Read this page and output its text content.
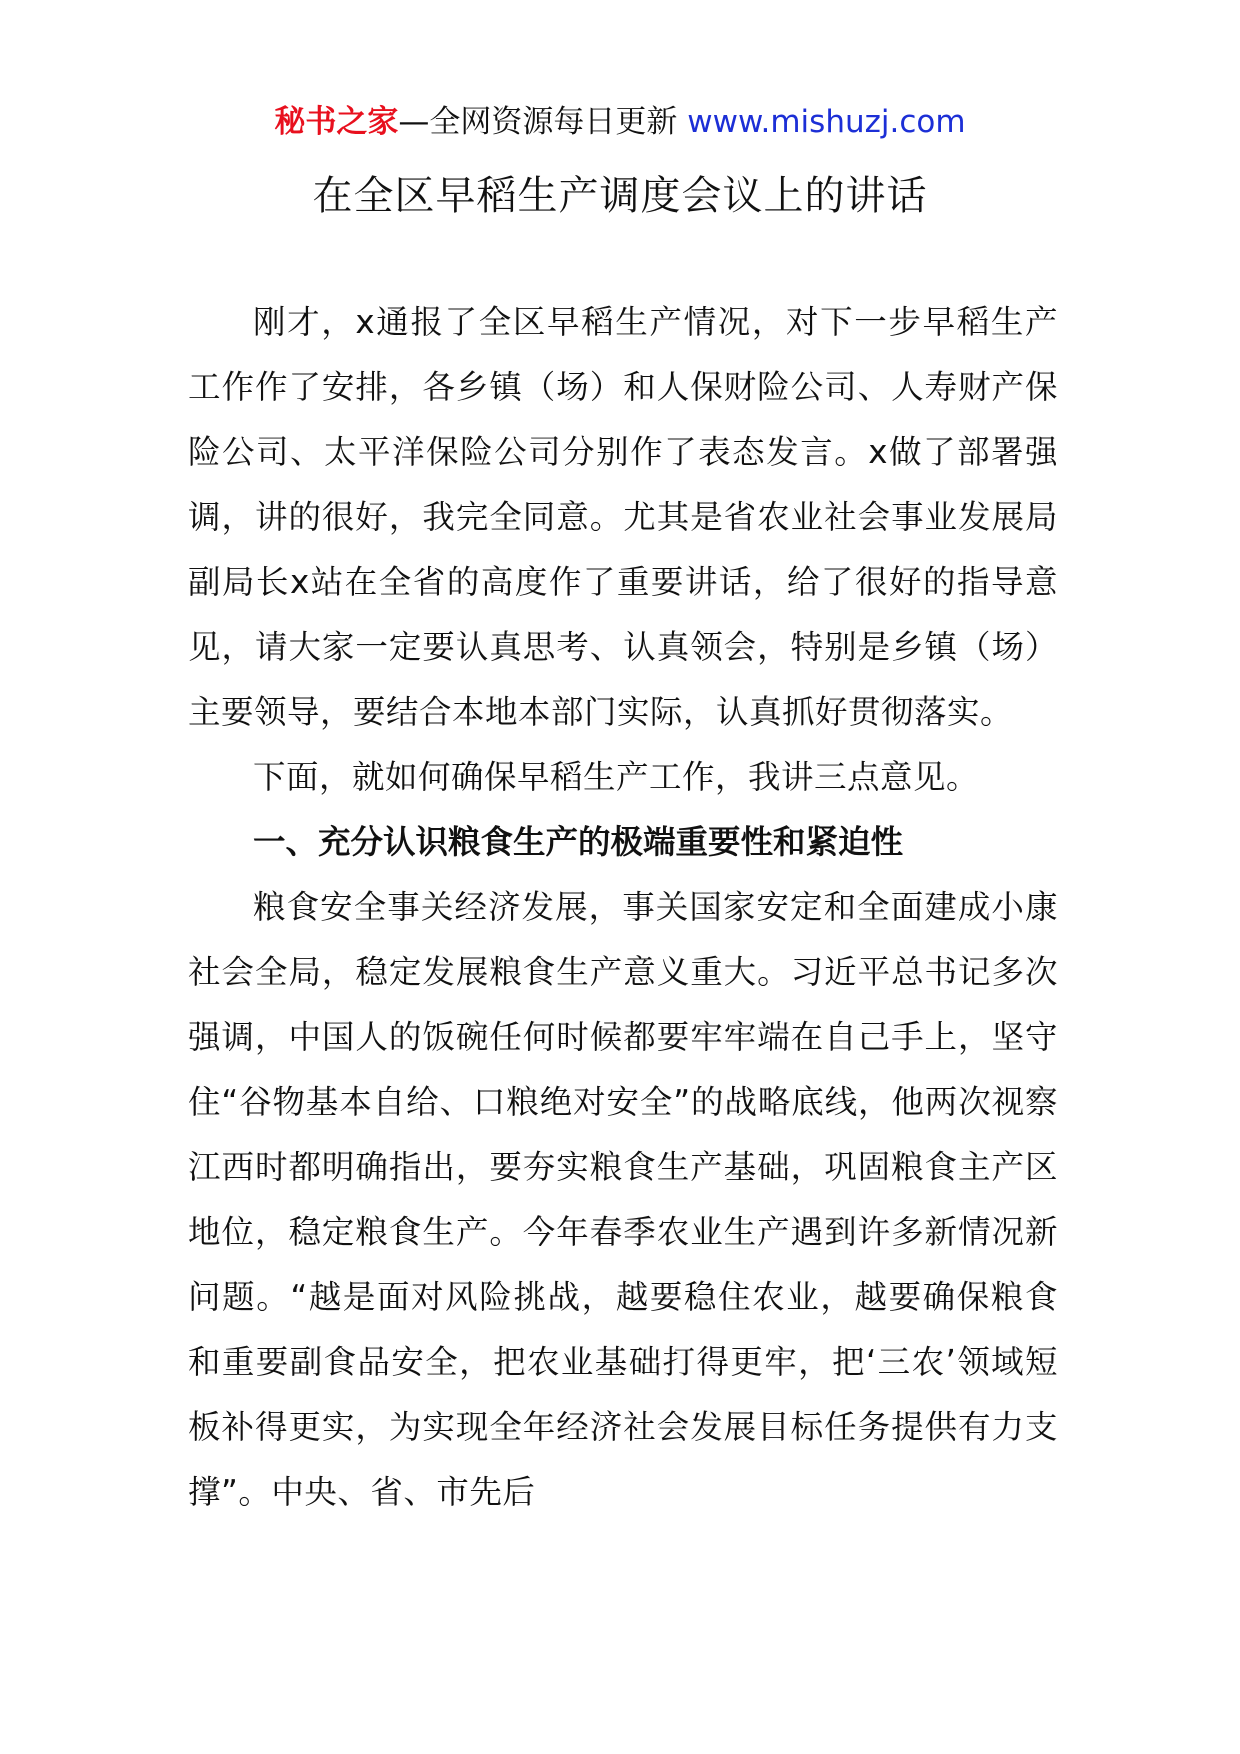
秘书之家—全网资源每日更新 www.mishuzj.com
在全区早稻生产调度会议上的讲话

刚才，x通报了全区早稻生产情况，对下一步早稻生产工作作了安排，各乡镇（场）和人保财险公司、人寿财产保险公司、太平洋保险公司分别作了表态发言。x做了部署强调，讲的很好，我完全同意。尤其是省农业社会事业发展局副局长x站在全省的高度作了重要讲话，给了很好的指导意见，请大家一定要认真思考、认真领会，特别是乡镇（场）主要领导，要结合本地本部门实际，认真抓好贯彻落实。

下面，就如何确保早稻生产工作，我讲三点意见。

一、充分认识粮食生产的极端重要性和紧迫性

粮食安全事关经济发展，事关国家安定和全面建成小康社会全局，稳定发展粮食生产意义重大。习近平总书记多次强调，中国人的饭碗任何时候都要牢牢端在自己手上，坚守住“谷物基本自给、口粮绝对安全”的战略底线，他两次视察江西时都明确指出，要夯实粮食生产基础，巩固粮食主产区地位，稳定粮食生产。今年春季农业生产遇到许多新情况新问题。“越是面对风险挑战，越要稳住农业，越要确保粮食和重要副食品安全，把农业基础打得更牢，把‘三农’领域短板补得更实，为实现全年经济社会发展目标任务提供有力支撑”。中央、省、市先后
